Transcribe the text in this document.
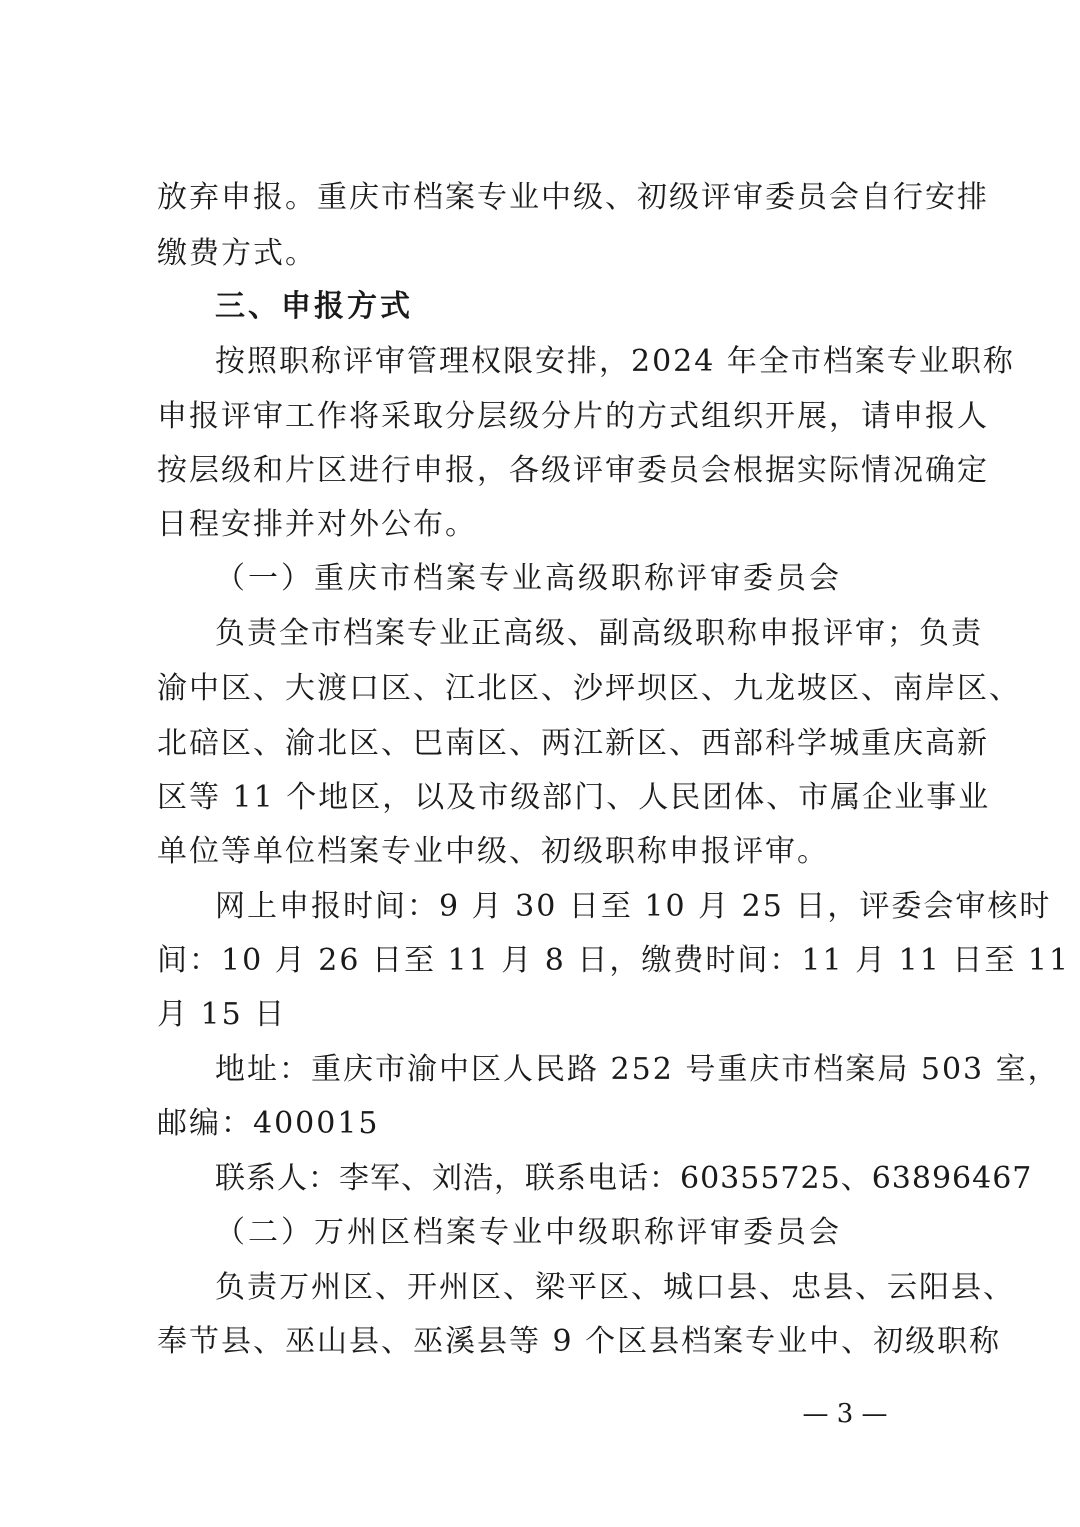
放弃申报。重庆市档案专业中级、初级评审委员会自行安排
缴费方式。
三、申报方式
按照职称评审管理权限安排，2024 年全市档案专业职称
申报评审工作将采取分层级分片的方式组织开展，请申报人
按层级和片区进行申报，各级评审委员会根据实际情况确定
日程安排并对外公布。
（一）重庆市档案专业高级职称评审委员会
负责全市档案专业正高级、副高级职称申报评审；负责
渝中区、大渡口区、江北区、沙坪坝区、九龙坡区、南岸区、
北碚区、渝北区、巴南区、两江新区、西部科学城重庆高新
区等 11 个地区，以及市级部门、人民团体、市属企业事业
单位等单位档案专业中级、初级职称申报评审。
网上申报时间：9 月 30 日至 10 月 25 日，评委会审核时
间：10 月 26 日至 11 月 8 日，缴费时间：11 月 11 日至 11
月 15 日
地址：重庆市渝中区人民路 252 号重庆市档案局 503 室，
邮编：400015
联系人：李军、刘浩，联系电话：60355725、63896467
（二）万州区档案专业中级职称评审委员会
负责万州区、开州区、梁平区、城口县、忠县、云阳县、
奉节县、巫山县、巫溪县等 9 个区县档案专业中、初级职称
— 3 —
